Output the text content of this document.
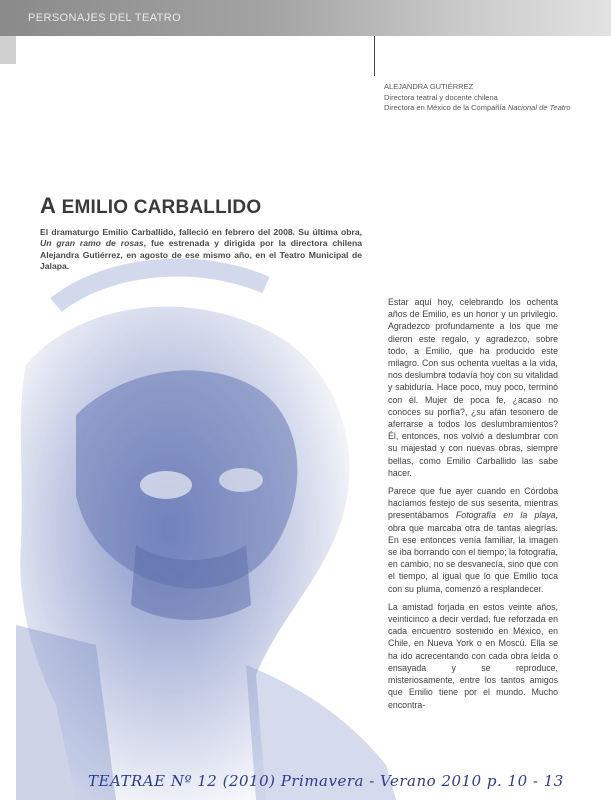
PERSONAJES DEL TEATRO
ALEJANDRA GUTIÉRREZ
Directora teatral y docente chilena
Directora en México de la Compañía Nacional de Teatro
A EMILIO CARBALLIDO
El dramaturgo Emilio Carballido, falleció en febrero del 2008. Su última obra, Un gran ramo de rosas, fue estrenada y dirigida por la directora chilena Alejandra Gutiérrez, en agosto de ese mismo año, en el Teatro Municipal de Jalapa.

Estar aquí hoy, celebrando los ochenta años de Emilio, es un honor y un privilegio. Agradezco profundamente a los que me dieron este regalo, y agradezco, sobre todo, a Emilio, que ha producido este milagro. Con sus ochenta vueltas a la vida, nos deslumbra todavía hoy con su vitalidad y sabiduría. Hace poco, muy poco, terminó con él. Mujer de poca fe, ¿acaso no conoces su porfía?, ¿su afán tesonero de aferrarse a todos los deslumbramientos? Él, entonces, nos volvió a deslumbrar con su majestad y con nuevas obras, siempre bellas, como Emilio Carballido las sabe hacer.

Parece que fue ayer cuando en Córdoba hacíamos festejo de sus sesenta, mientras presentábamos Fotografía en la playa, obra que marcaba otra de tantas alegrías. En ese entonces venía familiar, la imagen se iba borrando con el tiempo; la fotografía, en cambio, no se desvanecía, sino que con el tiempo, al igual que lo que Emilio toca con su pluma, comenzó a resplandecer.

La amistad forjada en estos veinte años, veinticinco a decir verdad, fue reforzada en cada encuentro sostenido en México, en Chile, en Nueva York o en Moscú. Ella se ha ido acrecentando con cada obra leída o ensayada y se reproduce, misteriosamente, entre los tantos amigos que Emilio tiene por el mundo. Mucho encontra-

TEATRAE Nº 12 (2010) Primavera - Verano 2010 p. 10 - 13
